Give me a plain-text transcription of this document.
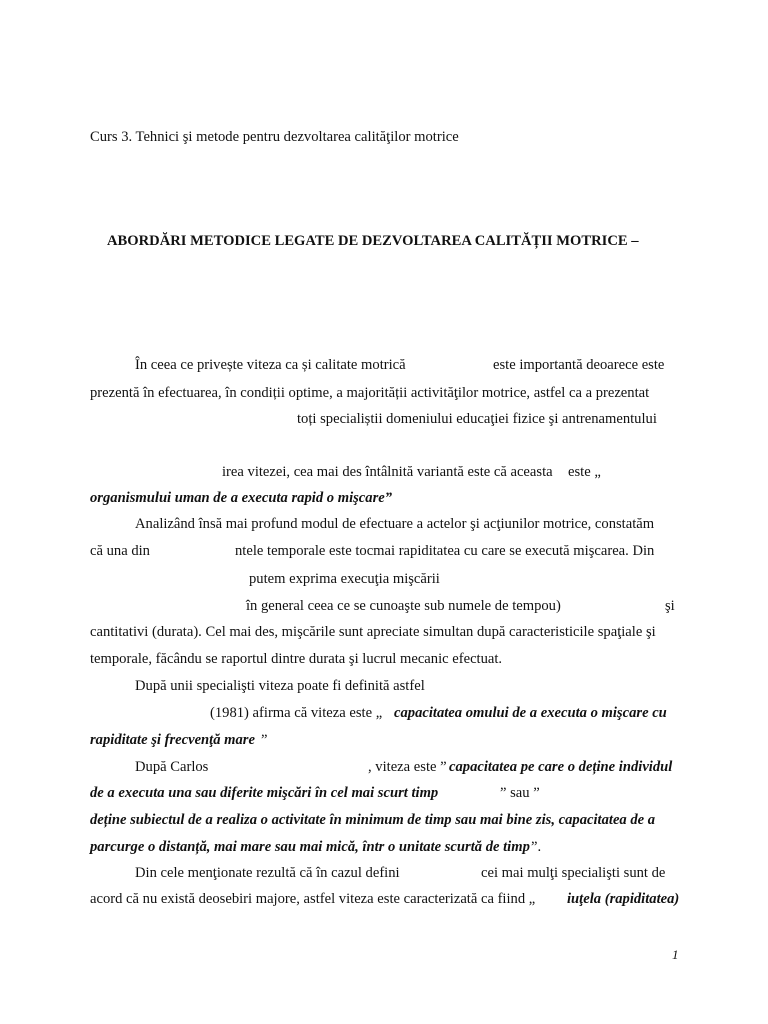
Curs 3. Tehnici şi metode pentru dezvoltarea calităţilor motrice
ABORDĂRI METODICE LEGATE DE DEZVOLTAREA CALITĂȚII MOTRICE –
În ceea ce privește viteza ca și calitate motrică	este importantă deoarece este
prezentă în efectuarea, în condiții optime, a majorității activităţilor motrice, astfel ca a prezentat
toți specialiștii domeniului educaţiei fizice şi antrenamentului
irea vitezei, cea mai des întâlnită variantă este că aceasta este „
organismului uman de a executa rapid o mişcare”
Analizând însă mai profund modul de efectuare a actelor şi acţiunilor motrice, constatăm
că una din	ntele temporale este tocmai rapiditatea cu care se execută mişcarea. Din
putem exprima execuţia mişcării
în general ceea ce se cunoaşte sub numele de tempou)	şi
cantitativi (durata). Cel mai des, mişcările sunt apreciate simultan după caracteristicile spaţiale şi
temporale, făcându se raportul dintre durata şi lucrul mecanic efectuat.
După unii specialişti viteza poate fi definită astfel
(1981) afirma că viteza este „ capacitatea omului de a executa o mişcare cu
rapiditate şi frecvenţă mare ”
După Carlos	, viteza este ” capacitatea pe care o deține individul
de a executa una sau diferite mişcări în cel mai scurt timp	” sau ”
deține subiectul de a realiza o activitate în minimum de timp sau mai bine zis, capacitatea de a
parcurge o distanță, mai mare sau mai mică, într o unitate scurtă de timp ”.
Din cele menţionate rezultă că în cazul defini	cei mai mulţi specialişti sunt de
acord că nu există deosebiri majore, astfel viteza este caracterizată ca fiind „ iuţela (rapiditatea)
1
